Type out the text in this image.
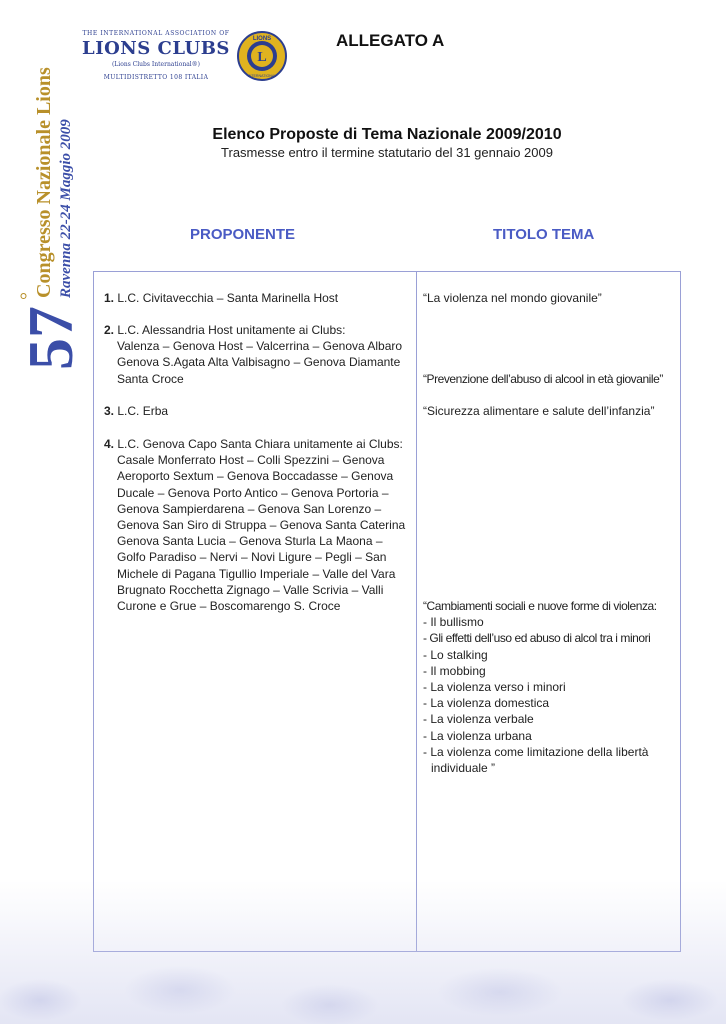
57
°
Congresso Nazionale Lions Ravenna 22-24 Maggio 2009
THE INTERNATIONAL ASSOCIATION OF
LIONS CLUBS
(Lions Clubs International®)
MULTIDISTRETTO 108 ITALIA
L
LIONS
INTERNATIONAL
ALLEGATO A
Elenco Proposte di Tema Nazionale 2009/2010
Trasmesse entro il termine statutario del 31 gennaio 2009
PROPONENTE	TITOLO TEMA
1. L.C. Civitavecchia – Santa Marinella Host
2. L.C. Alessandria Host unitamente ai Clubs:
Valenza – Genova Host – Valcerrina – Genova Albaro
Genova S.Agata Alta Valbisagno – Genova Diamante
Santa Croce
3. L.C. Erba
4. L.C. Genova Capo Santa Chiara unitamente ai Clubs:
Casale Monferrato Host – Colli Spezzini – Genova
Aeroporto Sextum – Genova Boccadasse – Genova
Ducale – Genova Porto Antico – Genova Portoria –
Genova Sampierdarena – Genova San Lorenzo –
Genova San Siro di Struppa – Genova Santa Caterina
Genova Santa Lucia – Genova Sturla La Maona –
Golfo Paradiso – Nervi – Novi Ligure – Pegli – San
Michele di Pagana Tigullio Imperiale – Valle del Vara
Brugnato Rocchetta Zignago – Valle Scrivia – Valli
Curone e Grue – Boscomarengo S. Croce
“La violenza nel mondo giovanile”
“Prevenzione dell’abuso di alcool in età giovanile”
“Sicurezza alimentare e salute dell’infanzia”
“Cambiamenti sociali e nuove forme di violenza:
- Il bullismo
- Gli effetti dell’uso ed abuso di alcol tra i minori
- Lo stalking
- Il mobbing
- La violenza verso i minori
- La violenza domestica
- La violenza verbale
- La violenza urbana
- La violenza come limitazione della libertà
individuale ”
